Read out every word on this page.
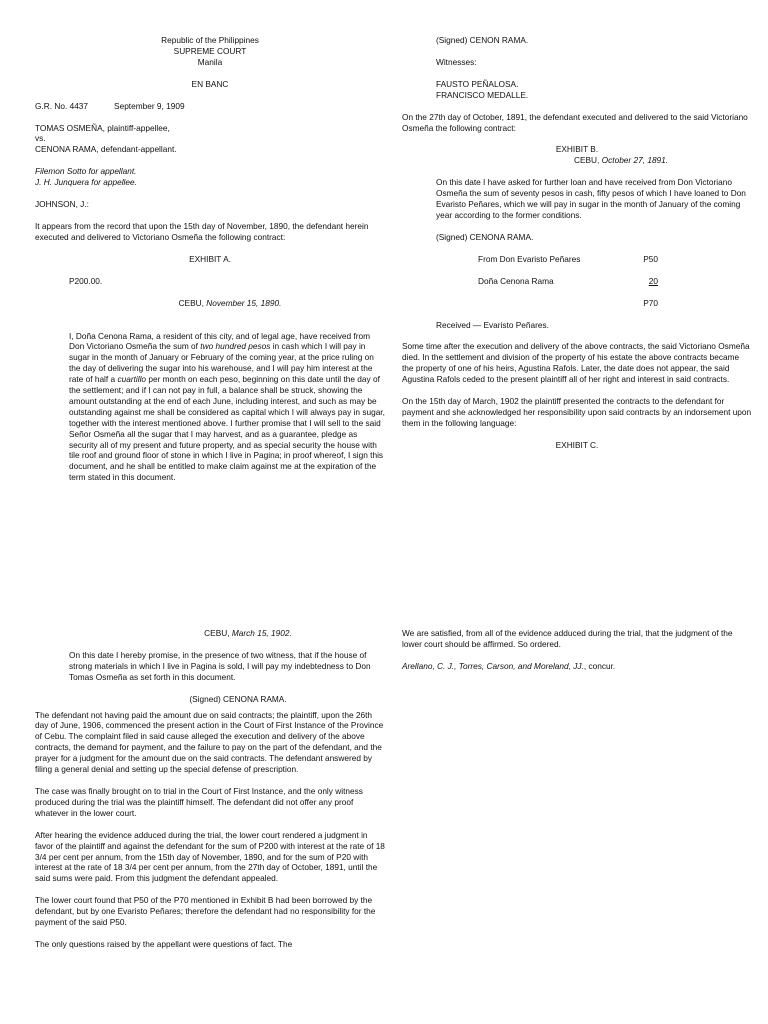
Republic of the Philippines

SUPREME COURT

Manila

EN BANC

G.R. No. 4437	September 9, 1909

TOMAS OSMEÑA, plaintiff-appellee,
vs.
CENONA RAMA, defendant-appellant.
Filemon Sotto for appellant.
J. H. Junquera for appellee.

JOHNSON, J.:

It appears from the record that upon the 15th day of November, 1890, the defendant herein executed and delivered to Victoriano Osmeña the following contract:

EXHIBIT A.

P200.00.

CEBU, November 15, 1890.

I, Doña Cenona Rama, a resident of this city, and of legal age, have received from Don Victoriano Osmeña the sum of two hundred pesos in cash which I will pay in sugar in the month of January or February of the coming year, at the price ruling on the day of delivering the sugar into his warehouse, and I will pay him interest at the rate of half a cuartillo per month on each peso, beginning on this date until the day of the settlement; and if I can not pay in full, a balance shall be struck, showing the amount outstanding at the end of each June, including interest, and such as may be outstanding against me shall be considered as capital which I will always pay in sugar, together with the interest mentioned above. I further promise that I will sell to the said Señor Osmeña all the sugar that I may harvest, and as a guarantee, pledge as security all of my present and future property, and as special security the house with tile roof and ground floor of stone in which I live in Pagina; in proof whereof, I sign this document, and he shall be entitled to make claim against me at the expiration of the term stated in this document.

(Signed) CENON RAMA.

Witnesses:

FAUSTO PEÑALOSA.
FRANCISCO MEDALLE.

On the 27th day of October, 1891, the defendant executed and delivered to the said Victoriano Osmeña the following contract:

EXHIBIT B.

CEBU, October 27, 1891.

On this date I have asked for further loan and have received from Don Victoriano Osmeña the sum of seventy pesos in cash, fifty pesos of which I have loaned to Don Evaristo Peñares, which we will pay in sugar in the month of January of the coming year according to the former conditions.

(Signed) CENONA RAMA.

From Don Evaristo Peñares	P50
Doña Cenona Rama	20
P70

Received — Evaristo Peñares.

Some time after the execution and delivery of the above contracts, the said Victoriano Osmeña died. In the settlement and division of the property of his estate the above contracts became the property of one of his heirs, Agustina Rafols. Later, the date does not appear, the said Agustina Rafols ceded to the present plaintiff all of her right and interest in said contracts.

On the 15th day of March, 1902 the plaintiff presented the contracts to the defendant for payment and she acknowledged her responsibility upon said contracts by an indorsement upon them in the following language:

EXHIBIT C.

CEBU, March 15, 1902.

On this date I hereby promise, in the presence of two witness, that if the house of strong materials in which I live in Pagina is sold, I will pay my indebtedness to Don Tomas Osmeña as set forth in this document.

(Signed) CENONA RAMA.

The defendant not having paid the amount due on said contracts; the plaintiff, upon the 26th day of June, 1906, commenced the present action in the Court of First Instance of the Province of Cebu. The complaint filed in said cause alleged the execution and delivery of the above contracts, the demand for payment, and the failure to pay on the part of the defendant, and the prayer for a judgment for the amount due on the said contracts. The defendant answered by filing a general denial and setting up the special defense of prescription.

The case was finally brought on to trial in the Court of First Instance, and the only witness produced during the trial was the plaintiff himself. The defendant did not offer any proof whatever in the lower court.

After hearing the evidence adduced during the trial, the lower court rendered a judgment in favor of the plaintiff and against the defendant for the sum of P200 with interest at the rate of 18 3/4 per cent per annum, from the 15th day of November, 1890, and for the sum of P20 with interest at the rate of 18 3/4 per cent per annum, from the 27th day of October, 1891, until the said sums were paid. From this judgment the defendant appealed.

The lower court found that P50 of the P70 mentioned in Exhibit B had been borrowed by the defendant, but by one Evaristo Peñares; therefore the defendant had no responsibility for the payment of the said P50.

The only questions raised by the appellant were questions of fact. The

We are satisfied, from all of the evidence adduced during the trial, that the judgment of the lower court should be affirmed. So ordered.

Arellano, C. J., Torres, Carson, and Moreland, JJ., concur.
